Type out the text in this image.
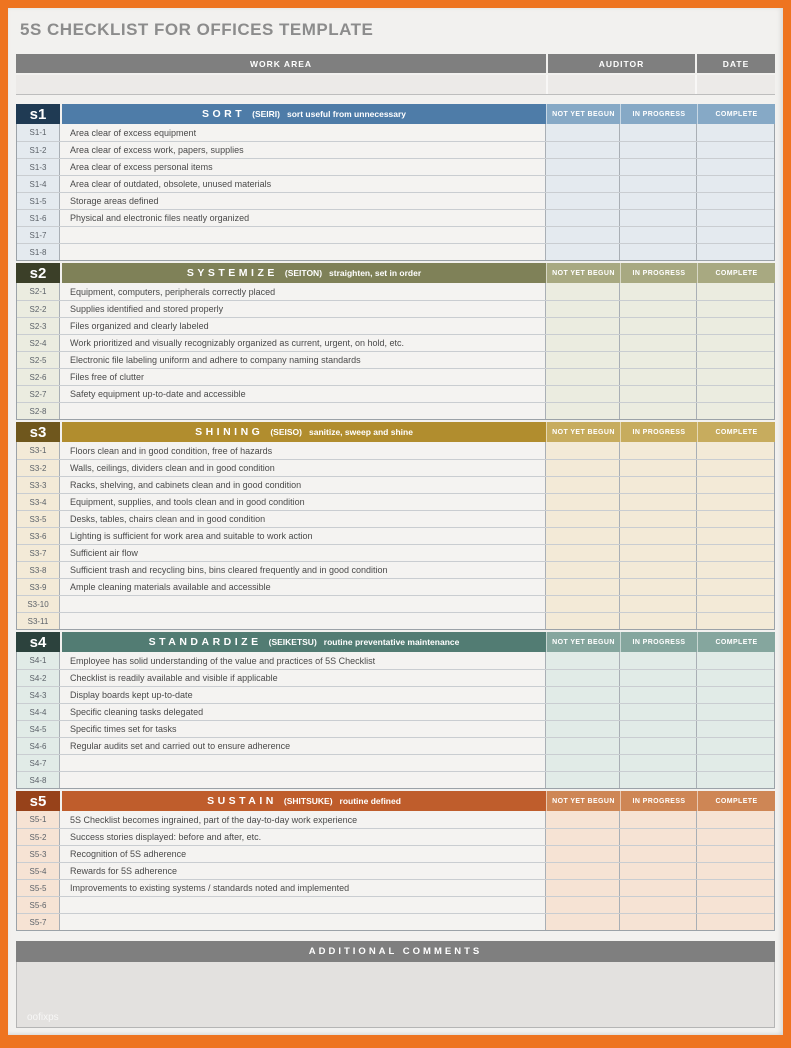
5S CHECKLIST FOR OFFICES TEMPLATE
WORK AREA	AUDITOR	DATE
s1	SORT (SEIRI) sort useful from unnecessary	NOT YET BEGUN	IN PROGRESS	COMPLETE
S1-1	Area clear of excess equipment
S1-2	Area clear of excess work, papers, supplies
S1-3	Area clear of excess personal items
S1-4	Area clear of outdated, obsolete, unused materials
S1-5	Storage areas defined
S1-6	Physical and electronic files neatly organized
S1-7
S1-8
s2	SYSTEMIZE (SEITON) straighten, set in order	NOT YET BEGUN	IN PROGRESS	COMPLETE
S2-1	Equipment, computers, peripherals correctly placed
S2-2	Supplies identified and stored properly
S2-3	Files organized and clearly labeled
S2-4	Work prioritized and visually recognizably organized as current, urgent, on hold, etc.
S2-5	Electronic file labeling uniform and adhere to company naming standards
S2-6	Files free of clutter
S2-7	Safety equipment up-to-date and accessible
S2-8
s3	SHINING (SEISO) sanitize, sweep and shine	NOT YET BEGUN	IN PROGRESS	COMPLETE
S3-1	Floors clean and in good condition, free of hazards
S3-2	Walls, ceilings, dividers clean and in good condition
S3-3	Racks, shelving, and cabinets clean and in good condition
S3-4	Equipment, supplies, and tools clean and in good condition
S3-5	Desks, tables, chairs clean and in good condition
S3-6	Lighting is sufficient for work area and suitable to work action
S3-7	Sufficient air flow
S3-8	Sufficient trash and recycling bins, bins cleared frequently and in good condition
S3-9	Ample cleaning materials available and accessible
S3-10
S3-11
s4	STANDARDIZE (SEIKETSU) routine preventative maintenance	NOT YET BEGUN	IN PROGRESS	COMPLETE
S4-1	Employee has solid understanding of the value and practices of 5S Checklist
S4-2	Checklist is readily available and visible if applicable
S4-3	Display boards kept up-to-date
S4-4	Specific cleaning tasks delegated
S4-5	Specific times set for tasks
S4-6	Regular audits set and carried out to ensure adherence
S4-7
S4-8
s5	SUSTAIN (SHITSUKE) routine defined	NOT YET BEGUN	IN PROGRESS	COMPLETE
S5-1	5S Checklist becomes ingrained, part of the day-to-day work experience
S5-2	Success stories displayed: before and after, etc.
S5-3	Recognition of 5S adherence
S5-4	Rewards for 5S adherence
S5-5	Improvements to existing systems / standards noted and implemented
S5-6
S5-7
ADDITIONAL COMMENTS
oofixps
